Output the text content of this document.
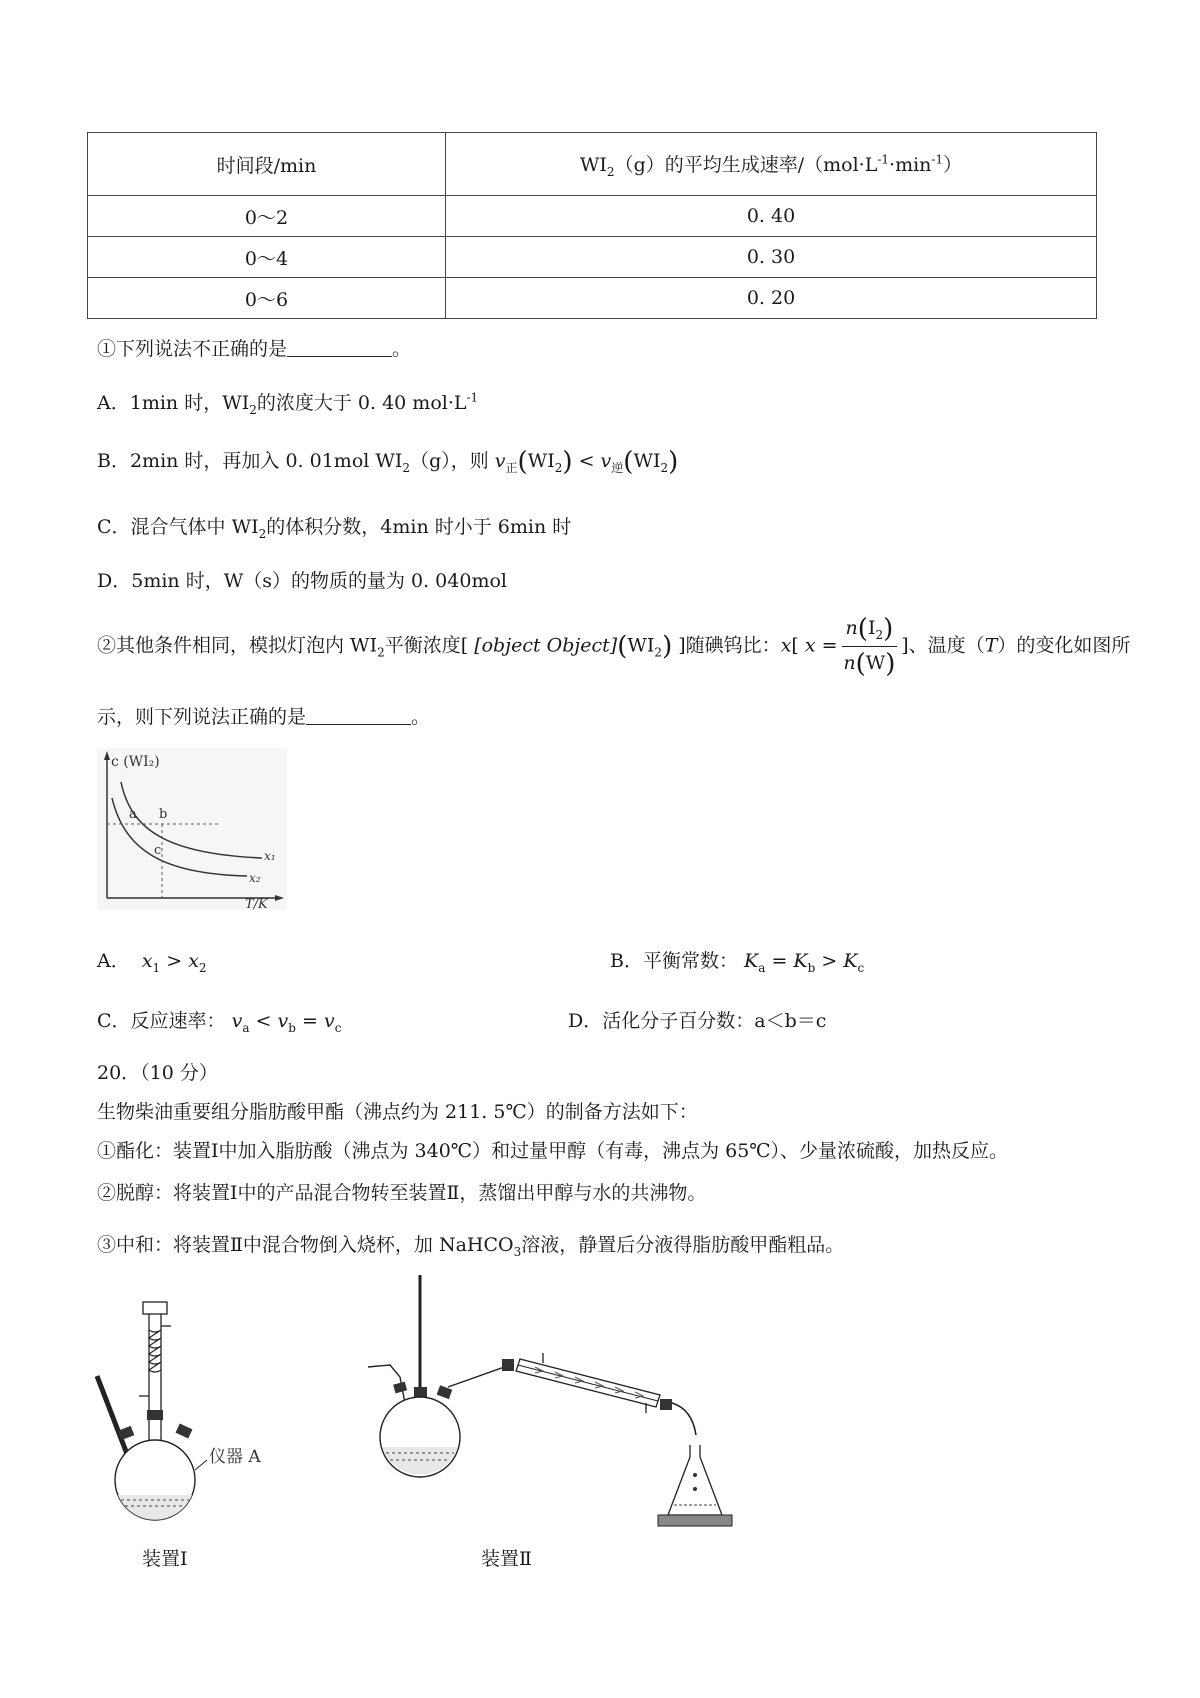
时间段/min	$WI_2(g)$的平均生成速率$/(mol\cdot L^{-1}\cdot\min^{-1})$
0～2	0. 40
0～4	0. 30
0～6	0. 20
①下列说法不正确的是	。
A．1min 时，$WI_2$的浓度大于 0. 40 $mol\cdot L^{-1}$
B．2min 时，再加入 0. 01mol $WI_2(g)$，则 $v_正(WI_2) < v_逆(WI_2)$
C．混合气体中 $WI_2$的体积分数，4min 时小于 6min 时
D．5min 时，W（s）的物质的量为 0. 040mol
②其他条件相同，模拟灯泡内 $WI_2$平衡浓度[ [object $Object](WI_2)$ ]随碘钨比：x[ $x = \frac{n(I_2)}{n(W)}$ ]、温度（T）的变化如图所
示，则下列说法正确的是	。
c (WI₂)
T/K
a b
c	x₁
x₂
A． $x_1 > x_2$	B．平衡常数： $K_a = K_b > K_c$
C．反应速率： $v_a < v_b = v_c$	D．活化分子百分数：a＜b＝c
20．（10 分）
生物柴油重要组分脂肪酸甲酯（沸点约为 211. 5℃）的制备方法如下：
①酯化：装置Ⅰ中加入脂肪酸（沸点为 340℃）和过量甲醇（有毒，沸点为 65℃）、少量浓硫酸，加热反应。
②脱醇：将装置Ⅰ中的产品混合物转至装置Ⅱ，蒸馏出甲醇与水的共沸物。
③中和：将装置Ⅱ中混合物倒入烧杯，加 NaHCO$_3$溶液，静置后分液得脂肪酸甲酯粗品。
仪器 A
装置Ⅰ	装置Ⅱ
